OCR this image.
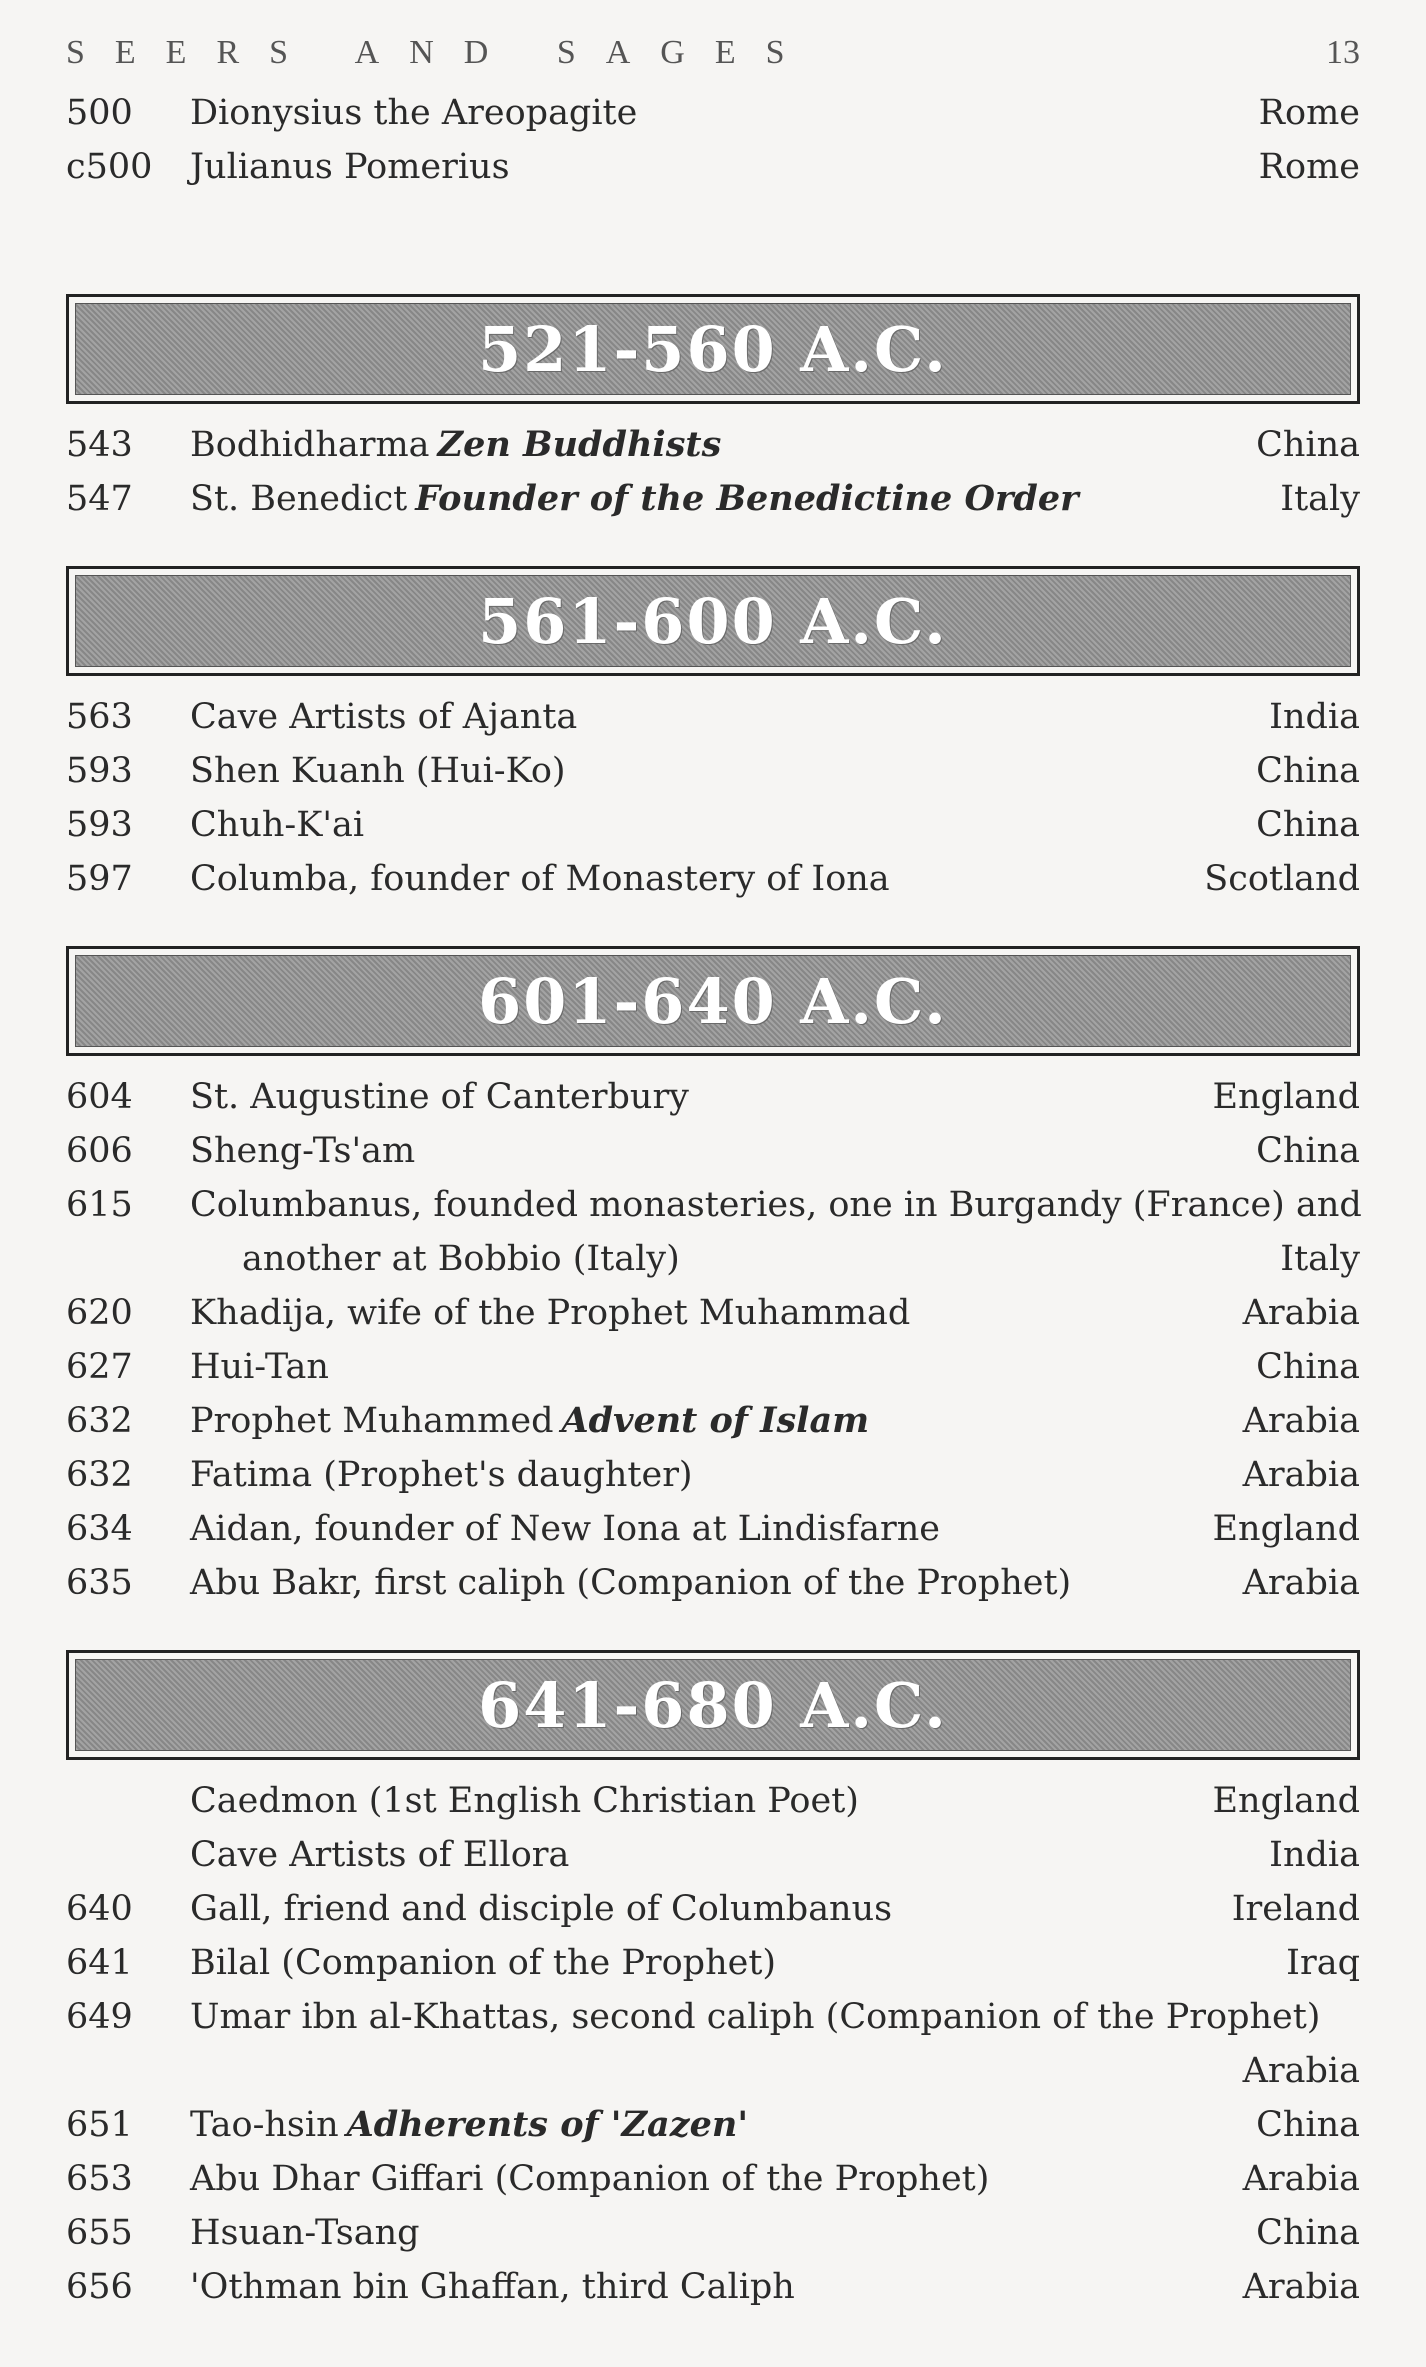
SEERS AND SAGES	13
500 Dionysius the Areopagite	Rome
c500 Julianus Pomerius	Rome
521-560 A.C.
543 Bodhidharma Zen Buddhists	China
547 St. Benedict Founder of the Benedictine Order	Italy
561-600 A.C.
563 Cave Artists of Ajanta	India
593 Shen Kuanh (Hui-Ko)	China
593 Chuh-K'ai	China
597 Columba, founder of Monastery of Iona	Scotland
601-640 A.C.
604 St. Augustine of Canterbury	England
606 Sheng-Ts'am	China
615 Columbanus, founded monasteries, one in Burgandy (France) and
another at Bobbio (Italy)	Italy
620 Khadija, wife of the Prophet Muhammad	Arabia
627 Hui-Tan	China
632 Prophet Muhammed Advent of Islam	Arabia
632 Fatima (Prophet's daughter)	Arabia
634 Aidan, founder of New Iona at Lindisfarne	England
635 Abu Bakr, first caliph (Companion of the Prophet)	Arabia
641-680 A.C.
Caedmon (1st English Christian Poet)	England
Cave Artists of Ellora	India
640 Gall, friend and disciple of Columbanus	Ireland
641 Bilal (Companion of the Prophet)	Iraq
649 Umar ibn al-Khattas, second caliph (Companion of the Prophet)
Arabia
651 Tao-hsin Adherents of 'Zazen'	China
653 Abu Dhar Giffari (Companion of the Prophet)	Arabia
655 Hsuan-Tsang	China
656 'Othman bin Ghaffan, third Caliph	Arabia
